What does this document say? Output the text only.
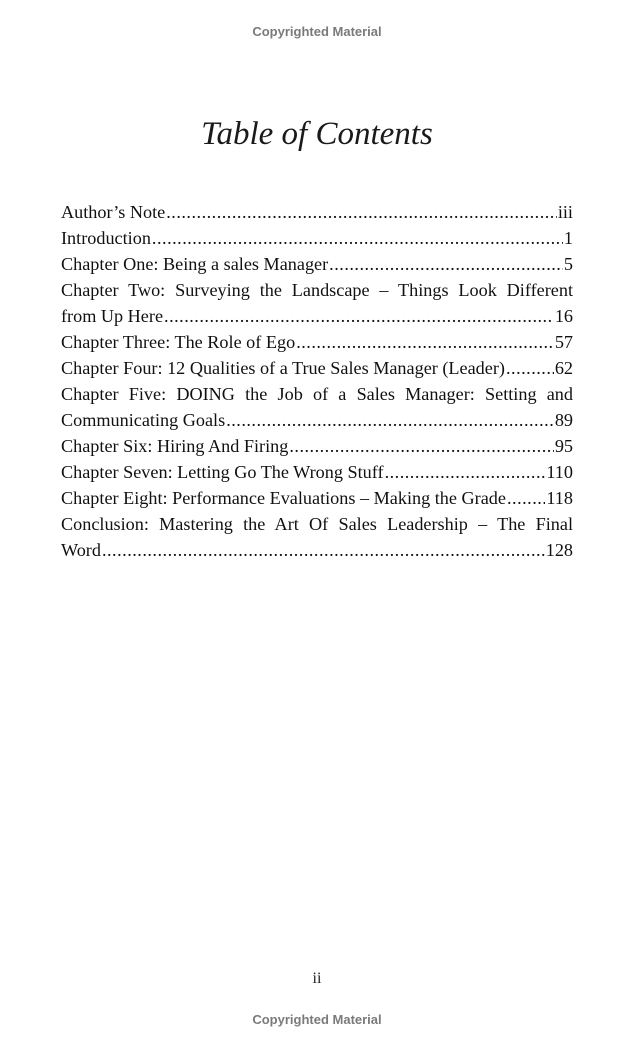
Copyrighted Material
Table of Contents
Author’s Note .....	iii
Introduction .....	1
Chapter One: Being a sales Manager .....	5
Chapter Two: Surveying the Landscape – Things Look Different
from Up Here .....	16
Chapter Three: The Role of Ego .....	57
Chapter Four: 12 Qualities of a True Sales Manager (Leader) .....	62
Chapter Five: DOING the Job of a Sales Manager: Setting and
Communicating Goals .....	89
Chapter Six: Hiring And Firing .....	95
Chapter Seven: Letting Go The Wrong Stuff .....	110
Chapter Eight: Performance Evaluations – Making the Grade ..... 118
Conclusion: Mastering the Art Of Sales Leadership – The Final
Word .....	128
ii
Copyrighted Material
